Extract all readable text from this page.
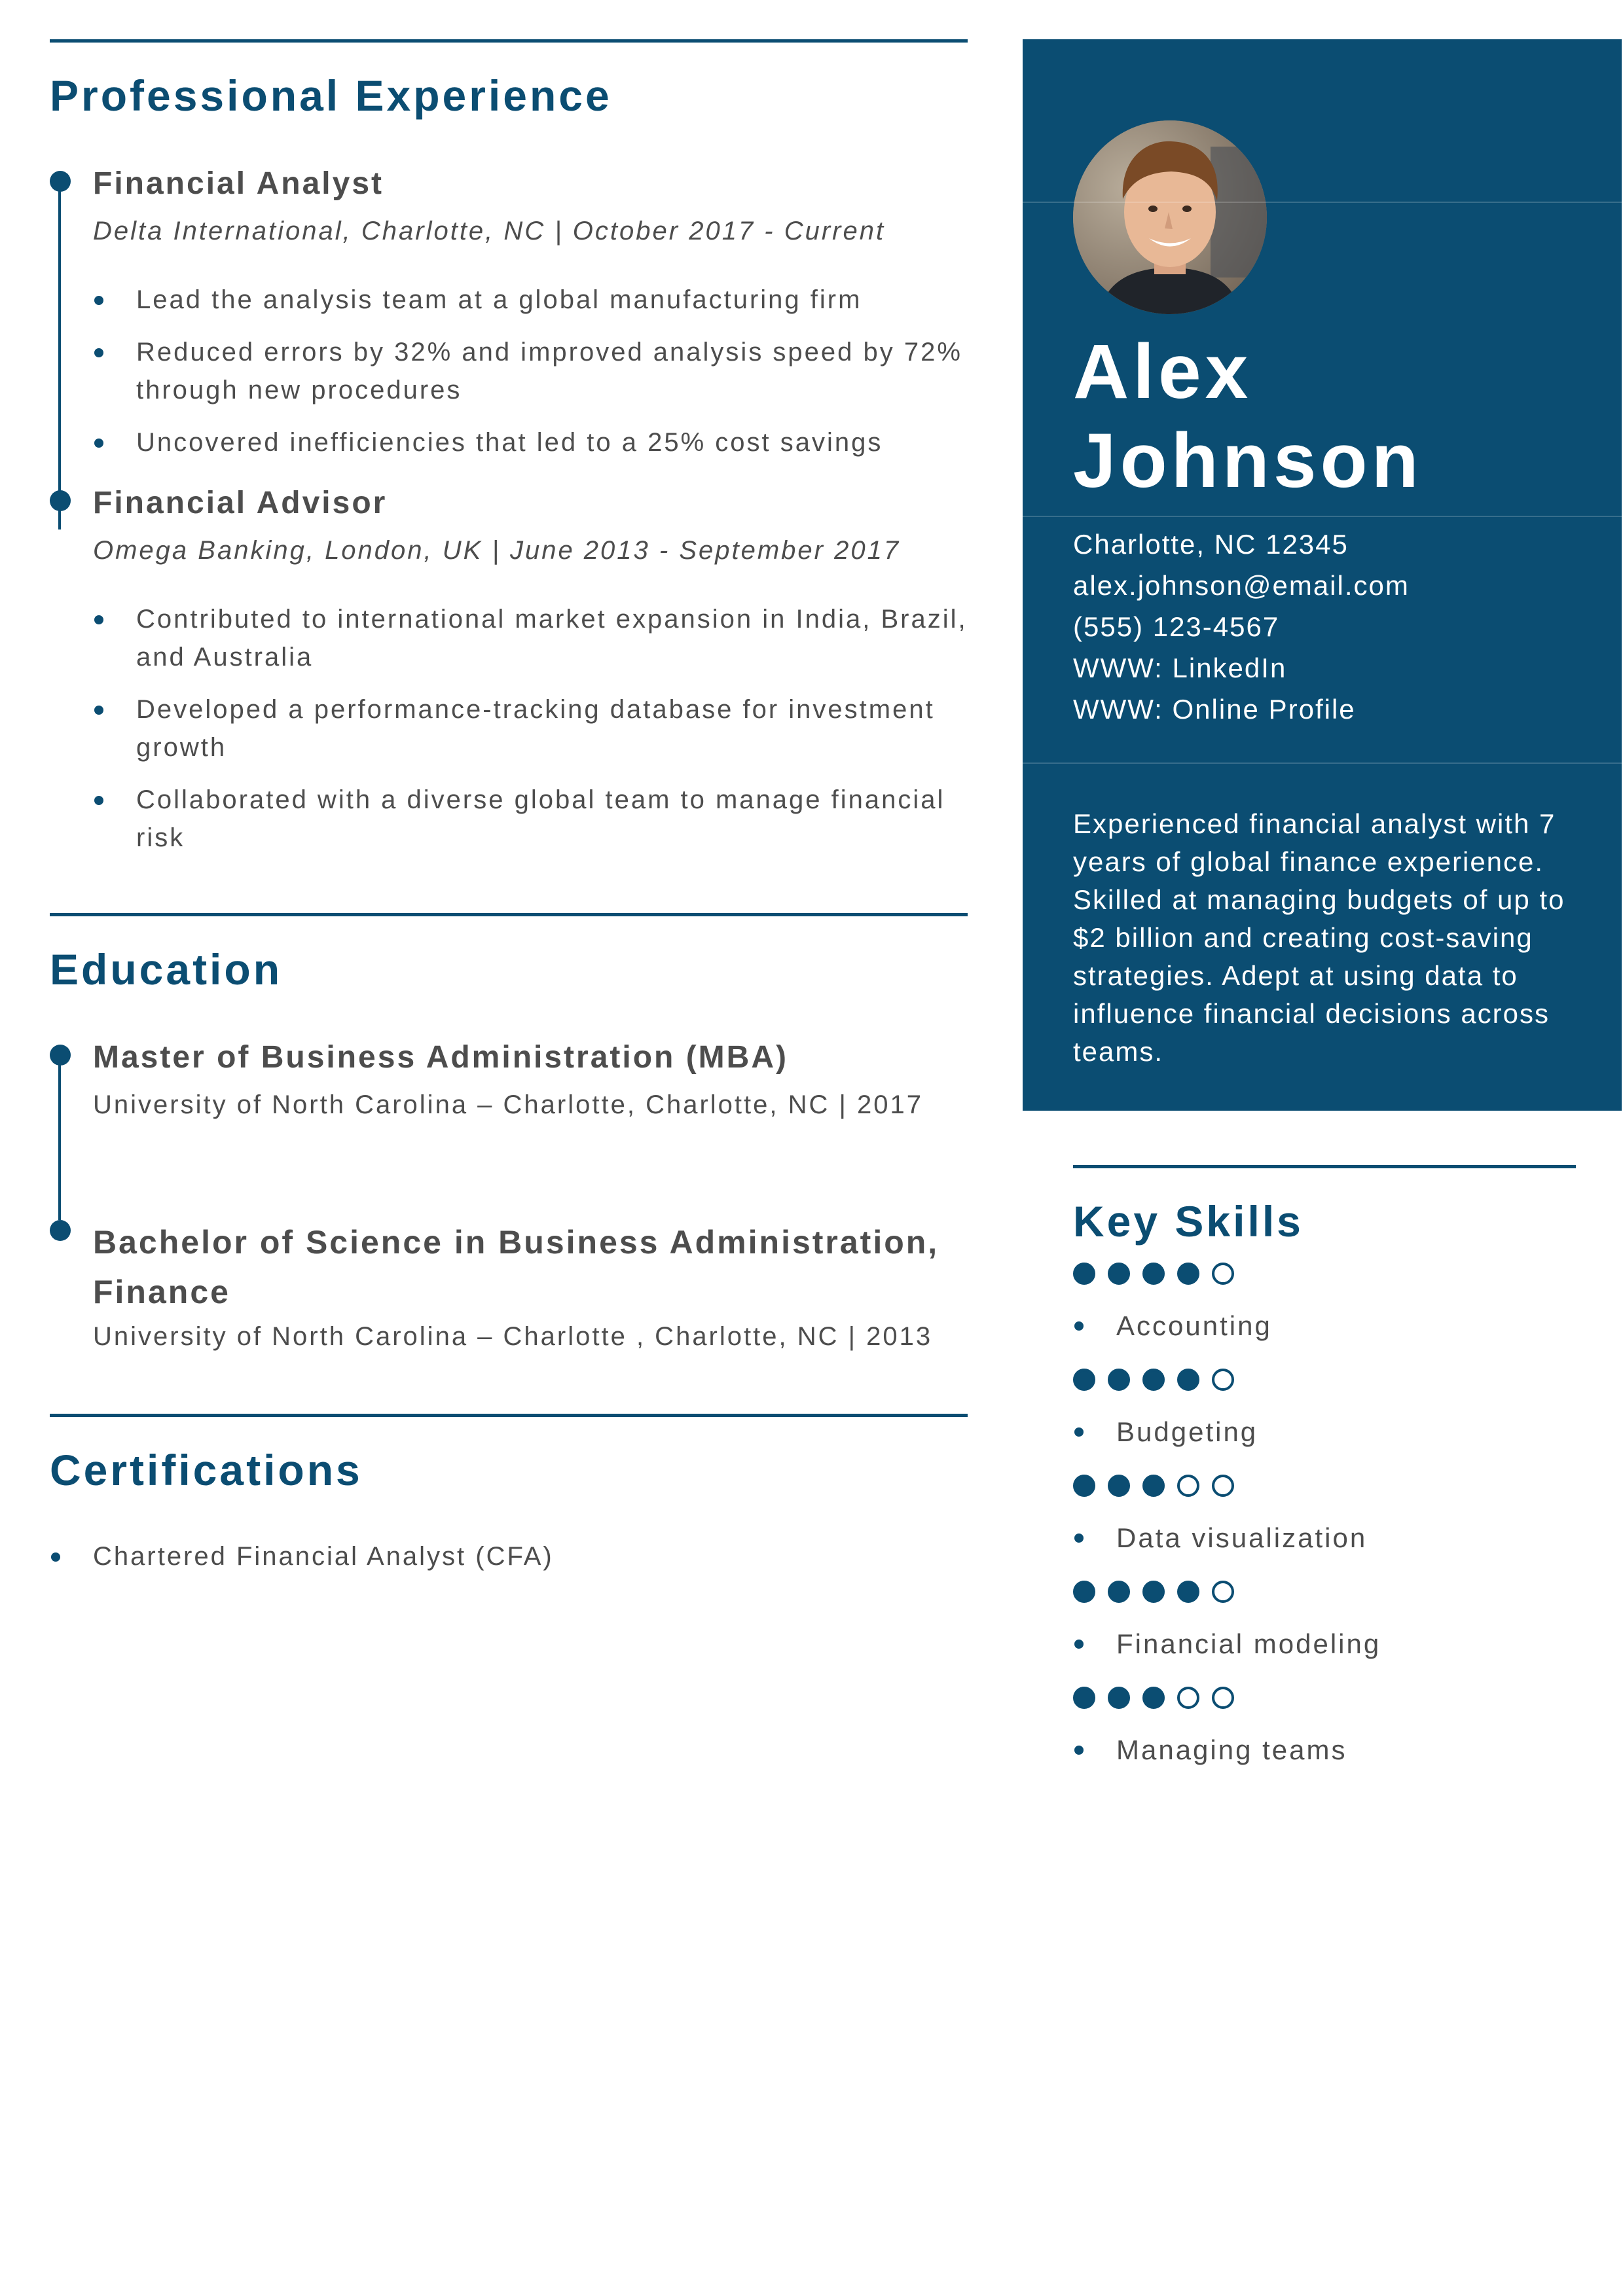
Professional Experience
Financial Analyst
Delta International, Charlotte, NC | October 2017 - Current
Lead the analysis team at a global manufacturing firm
Reduced errors by 32% and improved analysis speed by 72% through new procedures
Uncovered inefficiencies that led to a 25% cost savings
Financial Advisor
Omega Banking, London, UK | June 2013 - September 2017
Contributed to international market expansion in India, Brazil, and Australia
Developed a performance-tracking database for investment growth
Collaborated with a diverse global team to manage financial risk
Education
Master of Business Administration (MBA)
University of North Carolina – Charlotte, Charlotte, NC | 2017
Bachelor of Science in Business Administration, Finance
University of North Carolina – Charlotte , Charlotte, NC | 2013
Certifications
Chartered Financial Analyst (CFA)
Alex
Johnson
Charlotte, NC 12345
alex.johnson@email.com
(555) 123-4567
WWW: LinkedIn
WWW: Online Profile
Experienced financial analyst with 7 years of global finance experience. Skilled at managing budgets of up to $2 billion and creating cost-saving strategies. Adept at using data to influence financial decisions across teams.
Key Skills
Accounting
Budgeting
Data visualization
Financial modeling
Managing teams
